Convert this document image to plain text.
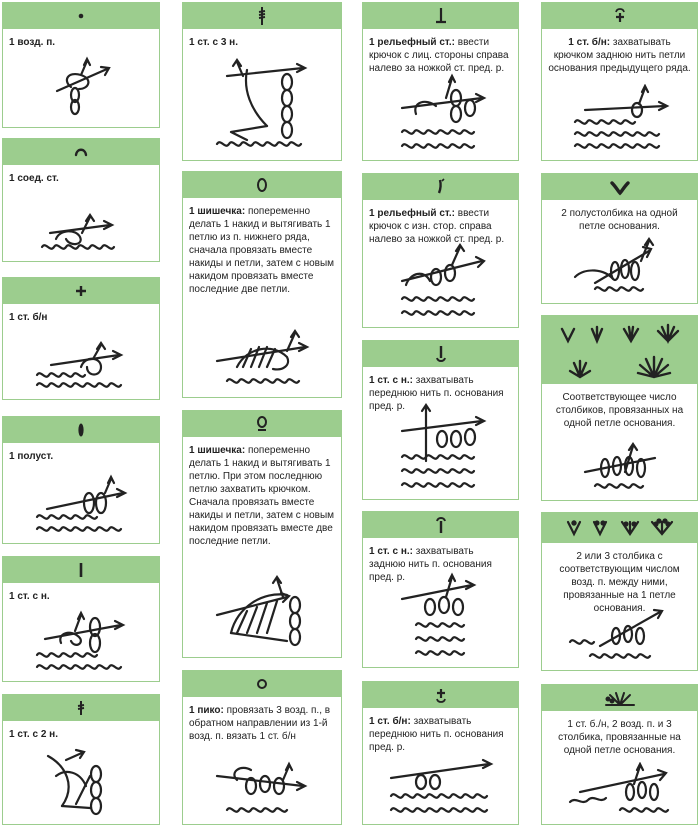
1 возд. п.
1 соед. ст.
1 ст. б/н
1 полуст.
1 ст. с н.
1 ст. с 2 н.
1 ст. с 3 н.
1 шишечка: попеременно делать 1 накид и вытягивать 1 петлю из п. нижнего ряда, сначала провязать вместе накиды и петли, затем с новым накидом провязать вместе последние две петли.
1 шишечка: попеременно делать 1 накид и вытягивать 1 петлю. При этом последнюю петлю захватить крючком. Сначала провязать вместе накиды и петли, затем с новым накидом провязать вместе две последние петли.
1 пико: провязать 3 возд. п., в обратном направлении из 1-й возд. п. вязать 1 ст. б/н
1 рельефный ст.: ввести крючок с лиц. стороны справа налево за ножкой ст. пред. р.
1 рельефный ст.: ввести крючок с изн. стор. справа налево за ножкой ст. пред. р.
1 ст. с н.: захватывать переднюю нить п. основания пред. р.
1 ст. с н.: захватывать заднюю нить п. основания пред. р.
1 ст. б/н: захватывать переднюю нить п. основания пред. р.
1 ст. б/н: захватывать крючком заднюю нить петли основания предыдущего ряда.
2 полустолбика на одной петле основания.
Соответствующее число столбиков, провязанных на одной петле основания.
2 или 3 столбика с соответствующим числом возд. п. между ними, провязанные на 1 петле основания.
1 ст. б./н, 2 возд. п. и 3 столбика, провязанные на одной петле основания.
